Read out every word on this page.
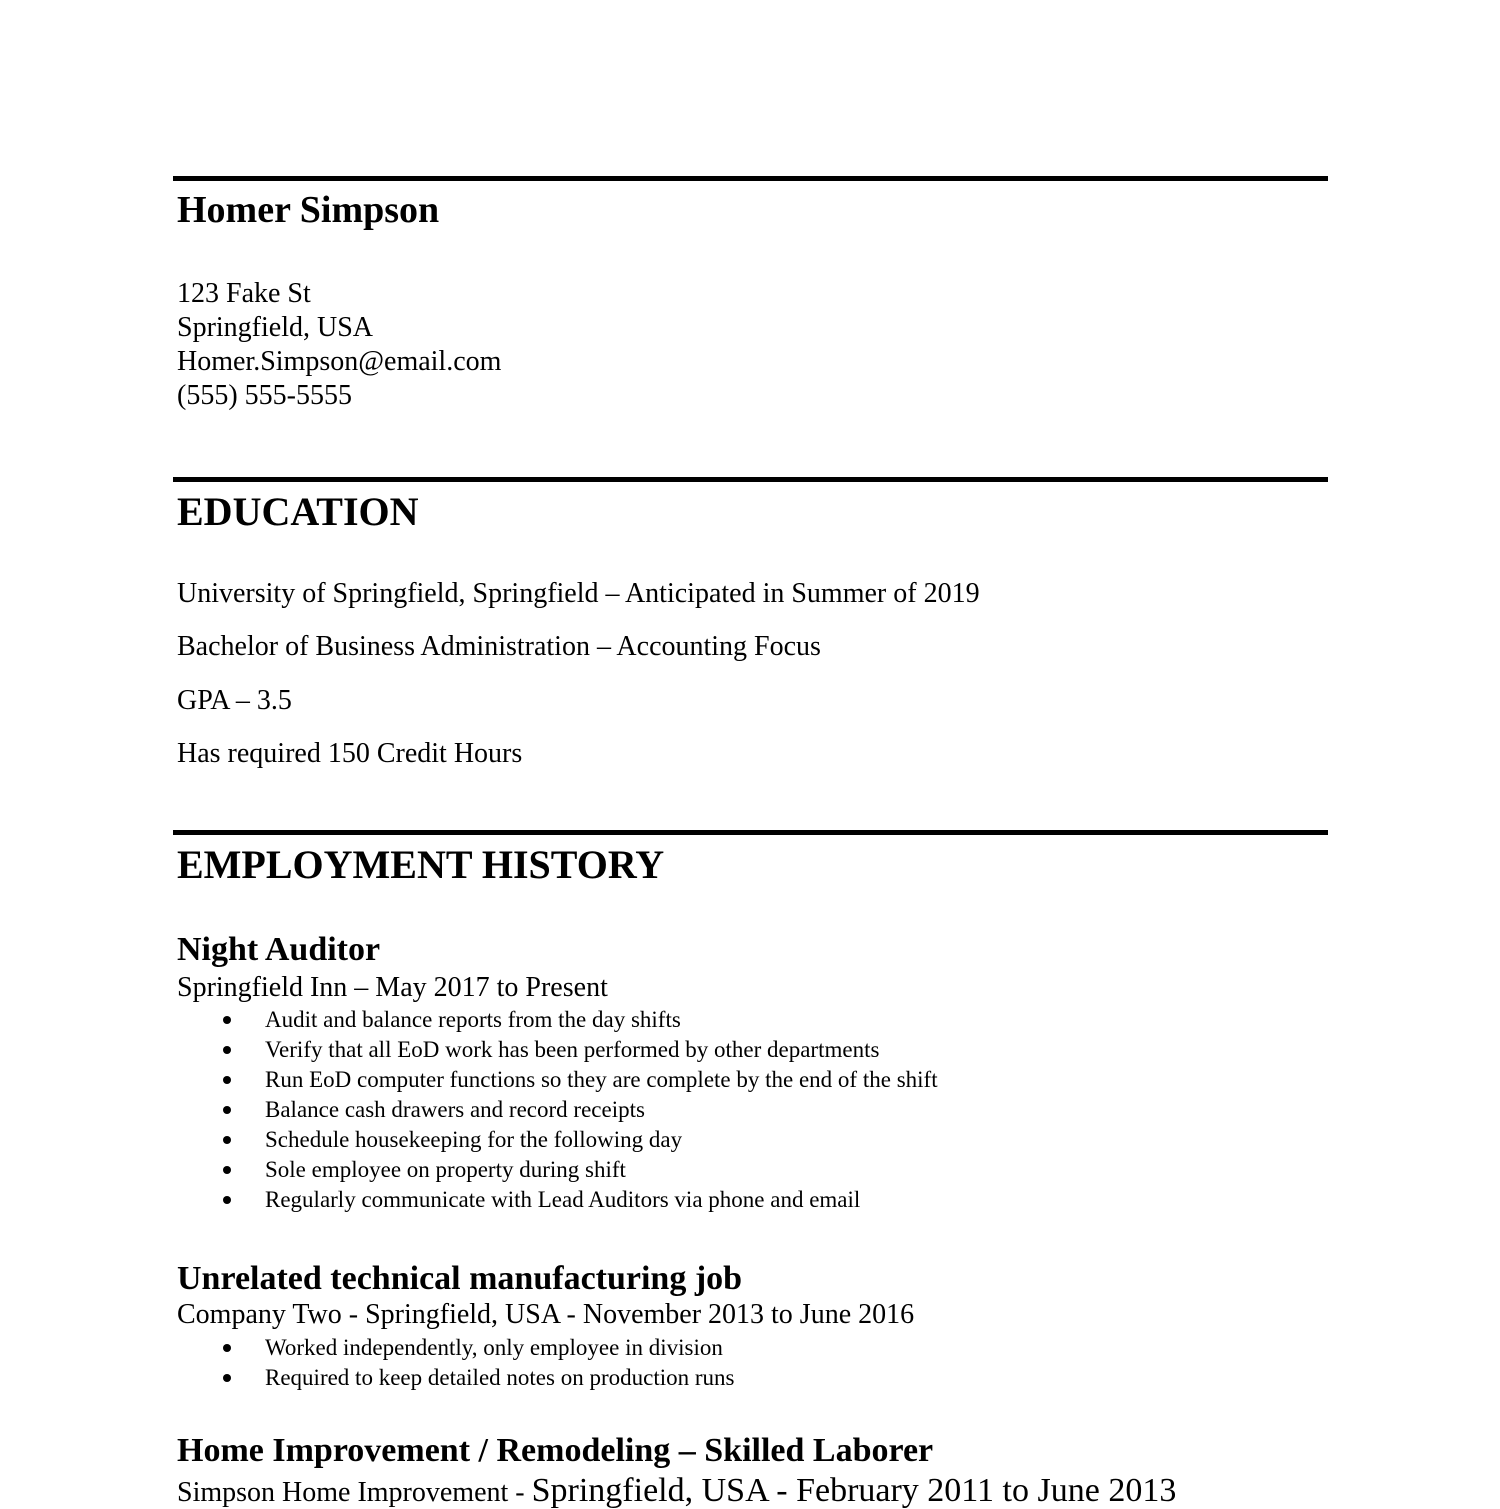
Homer Simpson
123 Fake St
Springfield, USA
Homer.Simpson@email.com
(555) 555-5555
EDUCATION
University of Springfield, Springfield – Anticipated in Summer of 2019
Bachelor of Business Administration – Accounting Focus
GPA – 3.5
Has required 150 Credit Hours
EMPLOYMENT HISTORY
Night Auditor
Springfield Inn – May 2017 to Present
Audit and balance reports from the day shifts
Verify that all EoD work has been performed by other departments
Run EoD computer functions so they are complete by the end of the shift
Balance cash drawers and record receipts
Schedule housekeeping for the following day
Sole employee on property during shift
Regularly communicate with Lead Auditors via phone and email
Unrelated technical manufacturing job
Company Two - Springfield, USA - November 2013 to June 2016
Worked independently, only employee in division
Required to keep detailed notes on production runs
Home Improvement / Remodeling – Skilled Laborer
Simpson Home Improvement - Springfield, USA - February 2011 to June 2013
